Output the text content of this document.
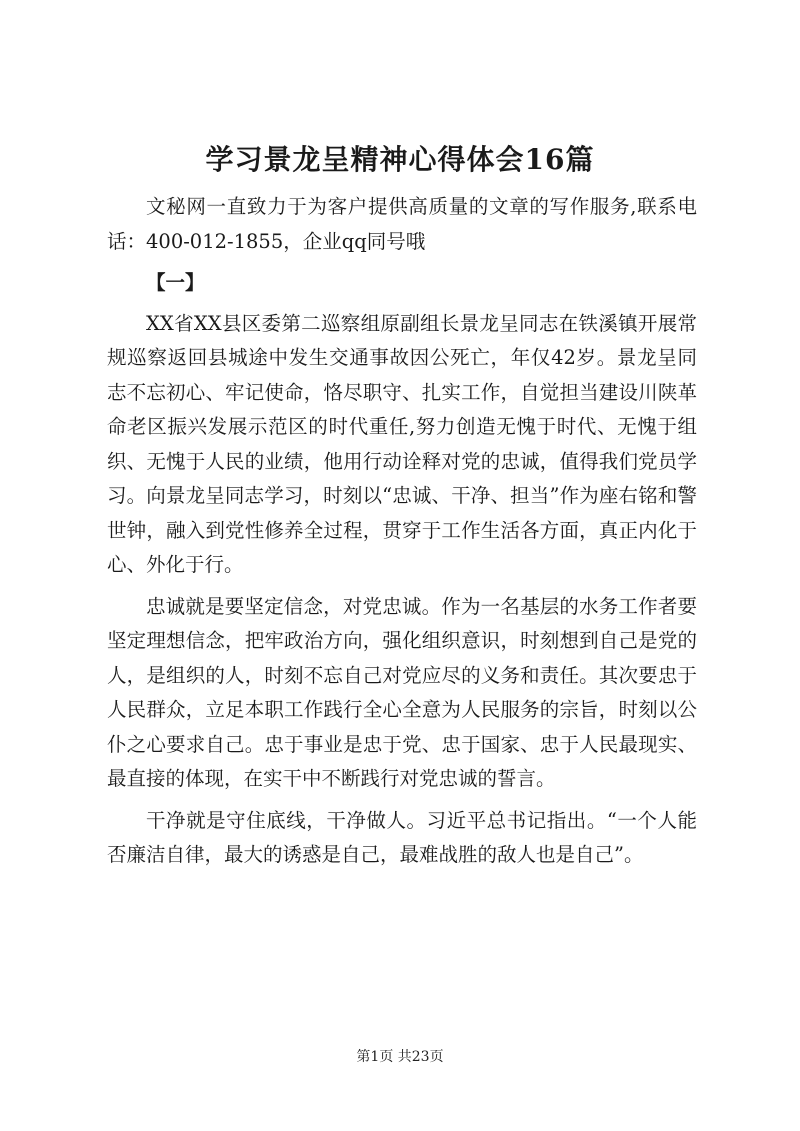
学习景龙呈精神心得体会16篇

文秘网一直致力于为客户提供高质量的文章的写作服务,联系电话：400-012-1855，企业qq同号哦

【一】

XX省XX县区委第二巡察组原副组长景龙呈同志在铁溪镇开展常规巡察返回县城途中发生交通事故因公死亡，年仅42岁。景龙呈同志不忘初心、牢记使命，恪尽职守、扎实工作，自觉担当建设川陕革命老区振兴发展示范区的时代重任,努力创造无愧于时代、无愧于组织、无愧于人民的业绩，他用行动诠释对党的忠诚，值得我们党员学习。向景龙呈同志学习，时刻以“忠诚、干净、担当”作为座右铭和警世钟，融入到党性修养全过程，贯穿于工作生活各方面，真正内化于心、外化于行。

忠诚就是要坚定信念，对党忠诚。作为一名基层的水务工作者要坚定理想信念，把牢政治方向，强化组织意识，时刻想到自己是党的人，是组织的人，时刻不忘自己对党应尽的义务和责任。其次要忠于人民群众，立足本职工作践行全心全意为人民服务的宗旨，时刻以公仆之心要求自己。忠于事业是忠于党、忠于国家、忠于人民最现实、最直接的体现，在实干中不断践行对党忠诚的誓言。

干净就是守住底线，干净做人。习近平总书记指出。“一个人能否廉洁自律，最大的诱惑是自己，最难战胜的敌人也是自己”。

第1页 共23页
